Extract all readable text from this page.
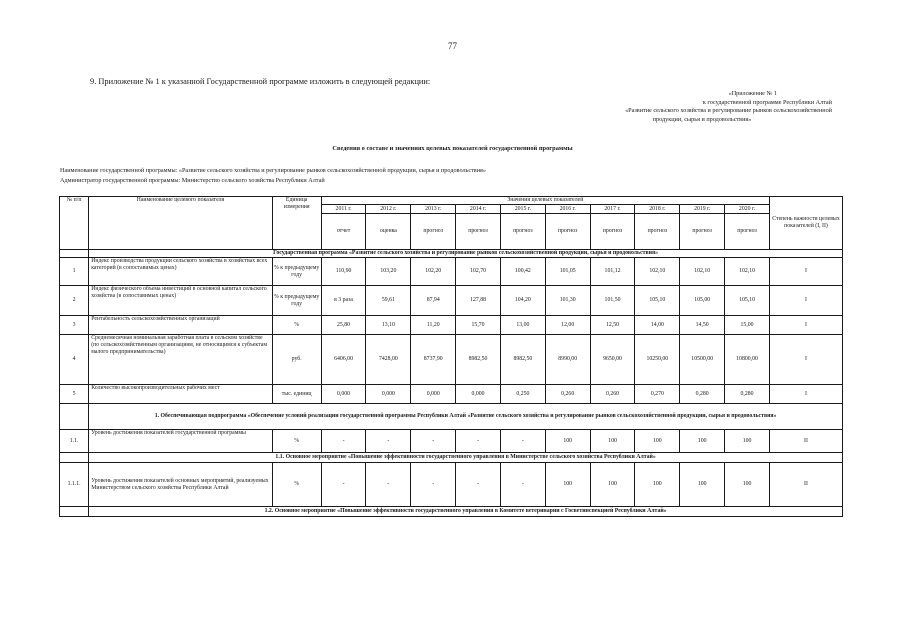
77
9. Приложение № 1 к указанной Государственной программе изложить в следующей редакции:
«Приложение № 1
к государственной программе Республики Алтай
«Развитие сельского хозяйства и регулирование рынков сельскохозяйственной
продукции, сырья и продовольствия»
Сведения о составе и значениях целевых показателей государственной программы
Наименование государственной программы: «Развитие сельского хозяйства и регулирование рынков сельскохозяйственной продукции, сырья и продовольствия»
Администратор государственной программы: Министерство сельского хозяйства Республики Алтай
№ п/п	Наименование целевого показателя	Единица измерения	Значения целевых показателей										Степень важности целевых показателей (I, II)
			2011 г.	2012 г.	2013 г.	2014 г.	2015 г.	2016 г.	2017 г.	2018 г.	2019 г.	2020 г.	
			отчет	оценка	прогноз	прогноз	прогноз	прогноз	прогноз	прогноз	прогноз	прогноз	
	Государственная программа «Развитие сельского хозяйства и регулирование рынков сельскохозяйственной продукции, сырья и продовольствия»												
1	Индекс производства продукции сельского хозяйства в хозяйствах всех категорий (в сопоставимых ценах)	% к предыдущему году	110,90	103,20	102,20	102,70	100,42	101,05	101,12	102,10	102,10	102,10	I
2	Индекс физического объема инвестиций в основной капитал сельского хозяйства (в сопоставимых ценах)	% к предыдущему году	в 3 раза	59,61	87,94	127,88	104,20	101,30	101,50	105,10	105,00	105,10	I
3	Рентабельность сельскохозяйственных организаций	%	25,80	13,10	11,20	15,70	13,00	12,00	12,50	14,00	14,50	15,00	I
4	Среднемесячная номинальная заработная плата в сельском хозяйстве (по сельскохозяйственным организациям, не относящимся к субъектам малого предпринимательства)	руб.	6406,00	7428,00	8737,90	8982,50	8982,50	8990,00	9650,00	10250,00	10500,00	10800,00	I
5	Количество высокопроизводительных рабочих мест	тыс. единиц	0,000	0,000	0,000	0,000	0,250	0,260	0,260	0,270	0,280	0,280	I
	1. Обеспечивающая подпрограмма «Обеспечение условий реализации государственной программы Республики Алтай «Развитие сельского хозяйства и регулирование рынков сельскохозяйственной продукции, сырья и продовольствия»												
1.1.	Уровень достижения показателей государственной программы	%	-	-	-	-	-	100	100	100	100	100	II
	1.1. Основное мероприятие «Повышение эффективности государственного управления в Министерстве сельского хозяйства Республики Алтай»												
1.1.1.	Уровень достижения показателей основных мероприятий, реализуемых Министерством сельского хозяйства Республики Алтай	%	-	-	-	-	-	100	100	100	100	100	II
	1.2. Основное мероприятие «Повышение эффективности государственного управления в Комитете ветеринарии с Госветинспекцией Республики Алтай»												
